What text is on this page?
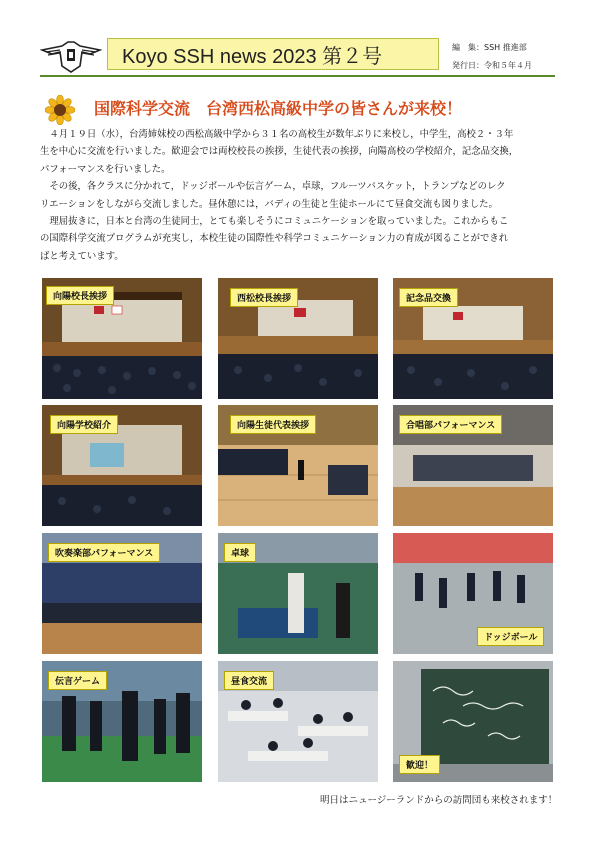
Koyo SSH news 2023 第２号	編　集：SSH 推進部
発行日：令和５年４月
国際科学交流　台湾西松高級中学の皆さんが来校！

　４月１９日（水），台湾姉妹校の西松高級中学から３１名の高校生が数年ぶりに来校し，中学生，高校２・３年

生を中心に交流を行いました。歓迎会では両校校長の挨拶，生徒代表の挨拶，向陽高校の学校紹介，記念品交換，

パフォーマンスを行いました。

　その後，各クラスに分かれて，ドッジボールや伝言ゲーム，卓球，フルーツバスケット，トランプなどのレク

リエーションをしながら交流しました。昼休憩には，バディの生徒と生徒ホールにて昼食交流も図りました。

　理屈抜きに，日本と台湾の生徒同士，とても楽しそうにコミュニケーションを取っていました。これからもこ

の国際科学交流プログラムが充実し，本校生徒の国際性や科学コミュニケーション力の育成が図ることができれ

ばと考えています。

向陽校長挨拶	西松校長挨拶	記念品交換
向陽学校紹介	向陽生徒代表挨拶	合唱部パフォーマンス
吹奏楽部パフォーマンス	卓球
ドッジボール
伝言ゲーム	昼食交流
歓迎！
明日はニュージーランドからの訪問団も来校されます！
